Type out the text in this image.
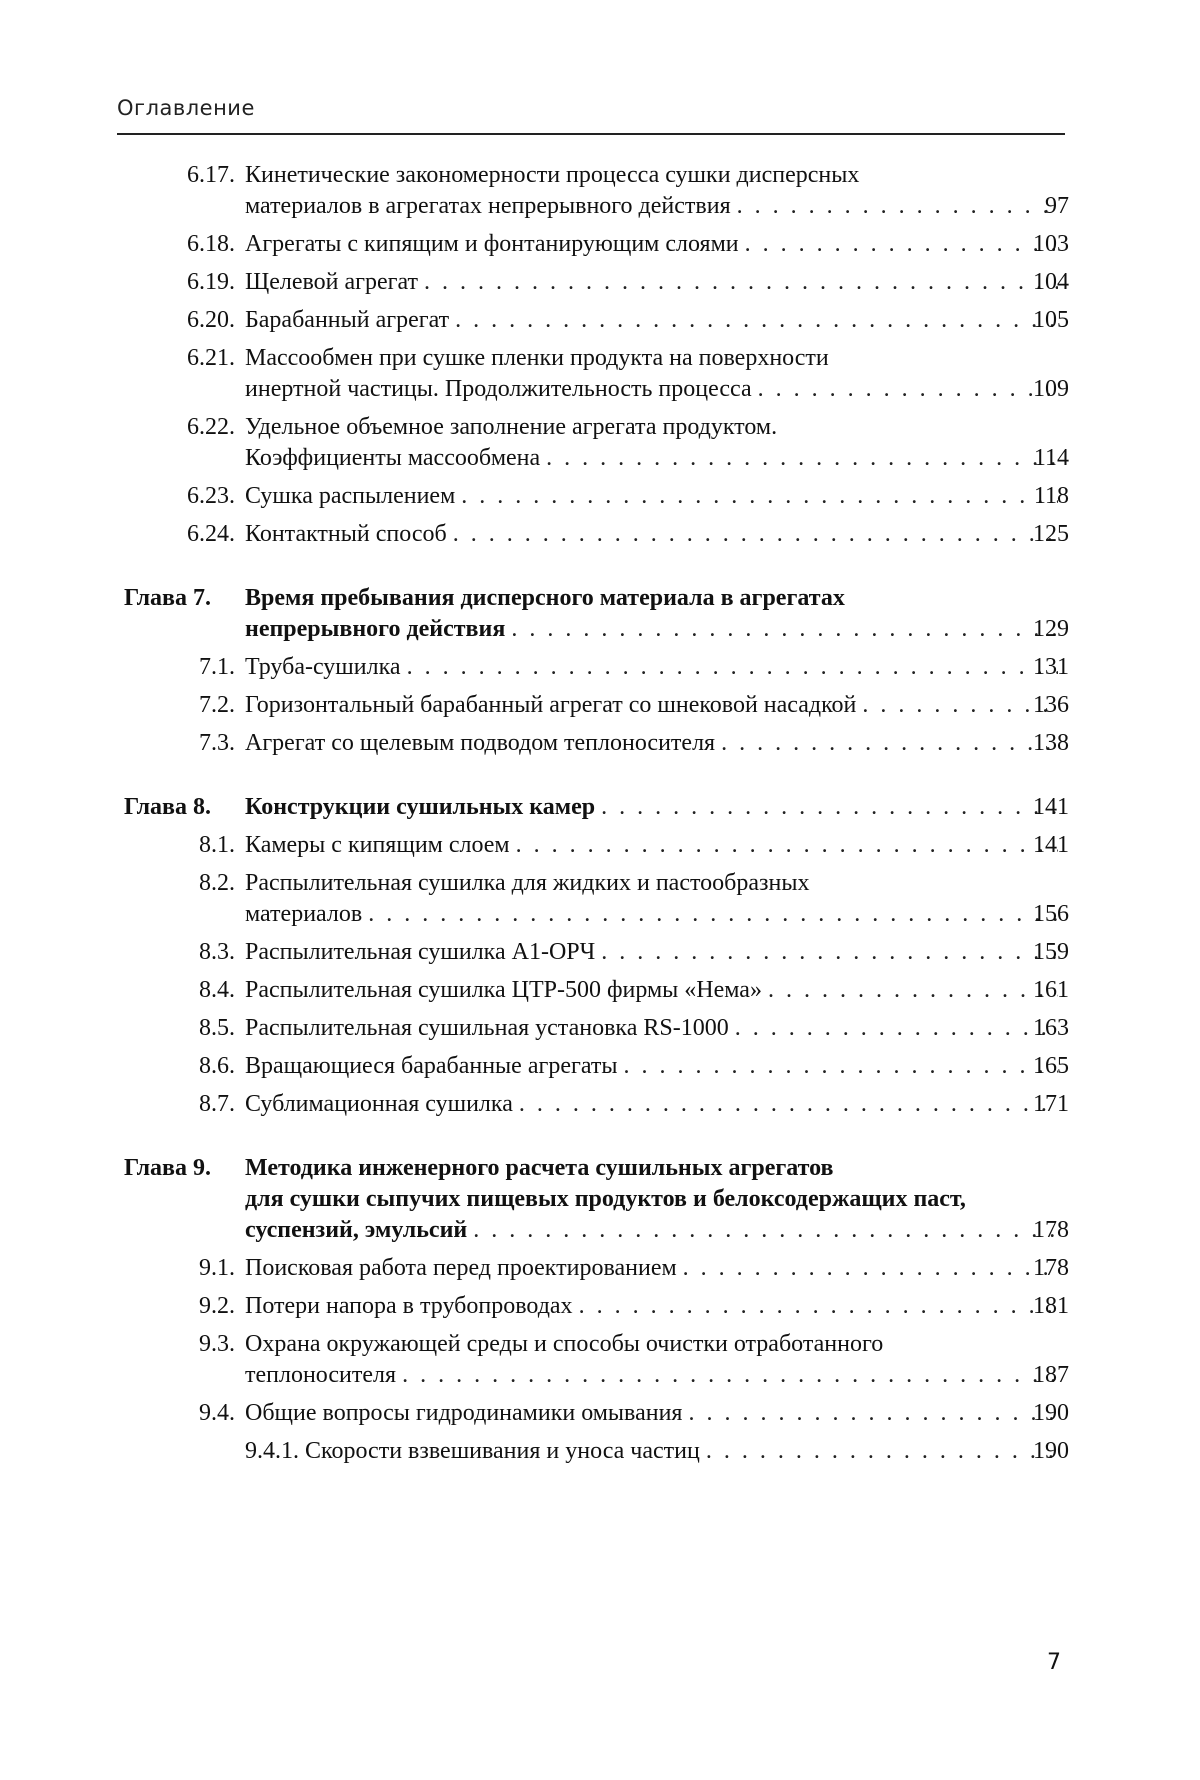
Оглавление
6.17. Кинетические закономерности процесса сушки дисперсных
материалов в агрегатах непрерывного действия . . .	97
6.18. Агрегаты с кипящим и фонтанирующим слоями . . .	103
6.19. Щелевой агрегат . . .	104
6.20. Барабанный агрегат . . .	105
6.21. Массообмен при сушке пленки продукта на поверхности
инертной частицы. Продолжительность процесса . . .	109
6.22. Удельное объемное заполнение агрегата продуктом.
Коэффициенты массообмена . . .	114
6.23. Сушка распылением . . .	118
6.24. Контактный способ . . .	125
Глава 7. Время пребывания дисперсного материала в агрегатах
непрерывного действия . . .	129
7.1. Труба-сушилка . . .	131
7.2. Горизонтальный барабанный агрегат со шнековой насадкой . . .	136
7.3. Агрегат со щелевым подводом теплоносителя . . .	138
Глава 8. Конструкции сушильных камер . . .	141
8.1. Камеры с кипящим слоем . . .	141
8.2. Распылительная сушилка для жидких и пастообразных
материалов . . .	156
8.3. Распылительная сушилка А1-ОРЧ . . .	159
8.4. Распылительная сушилка ЦТР-500 фирмы «Нема» . . .	161
8.5. Распылительная сушильная установка RS-1000 . . .	163
8.6. Вращающиеся барабанные агрегаты . . .	165
8.7. Сублимационная сушилка . . .	171
Глава 9. Методика инженерного расчета сушильных агрегатов
для сушки сыпучих пищевых продуктов и белоксодержащих паст,
суспензий, эмульсий . . .	178
9.1. Поисковая работа перед проектированием . . .	178
9.2. Потери напора в трубопроводах . . .	181
9.3. Охрана окружающей среды и способы очистки отработанного
теплоносителя . . .	187
9.4. Общие вопросы гидродинамики омывания . . .	190
9.4.1. Скорости взвешивания и уноса частиц . . .	190
7
